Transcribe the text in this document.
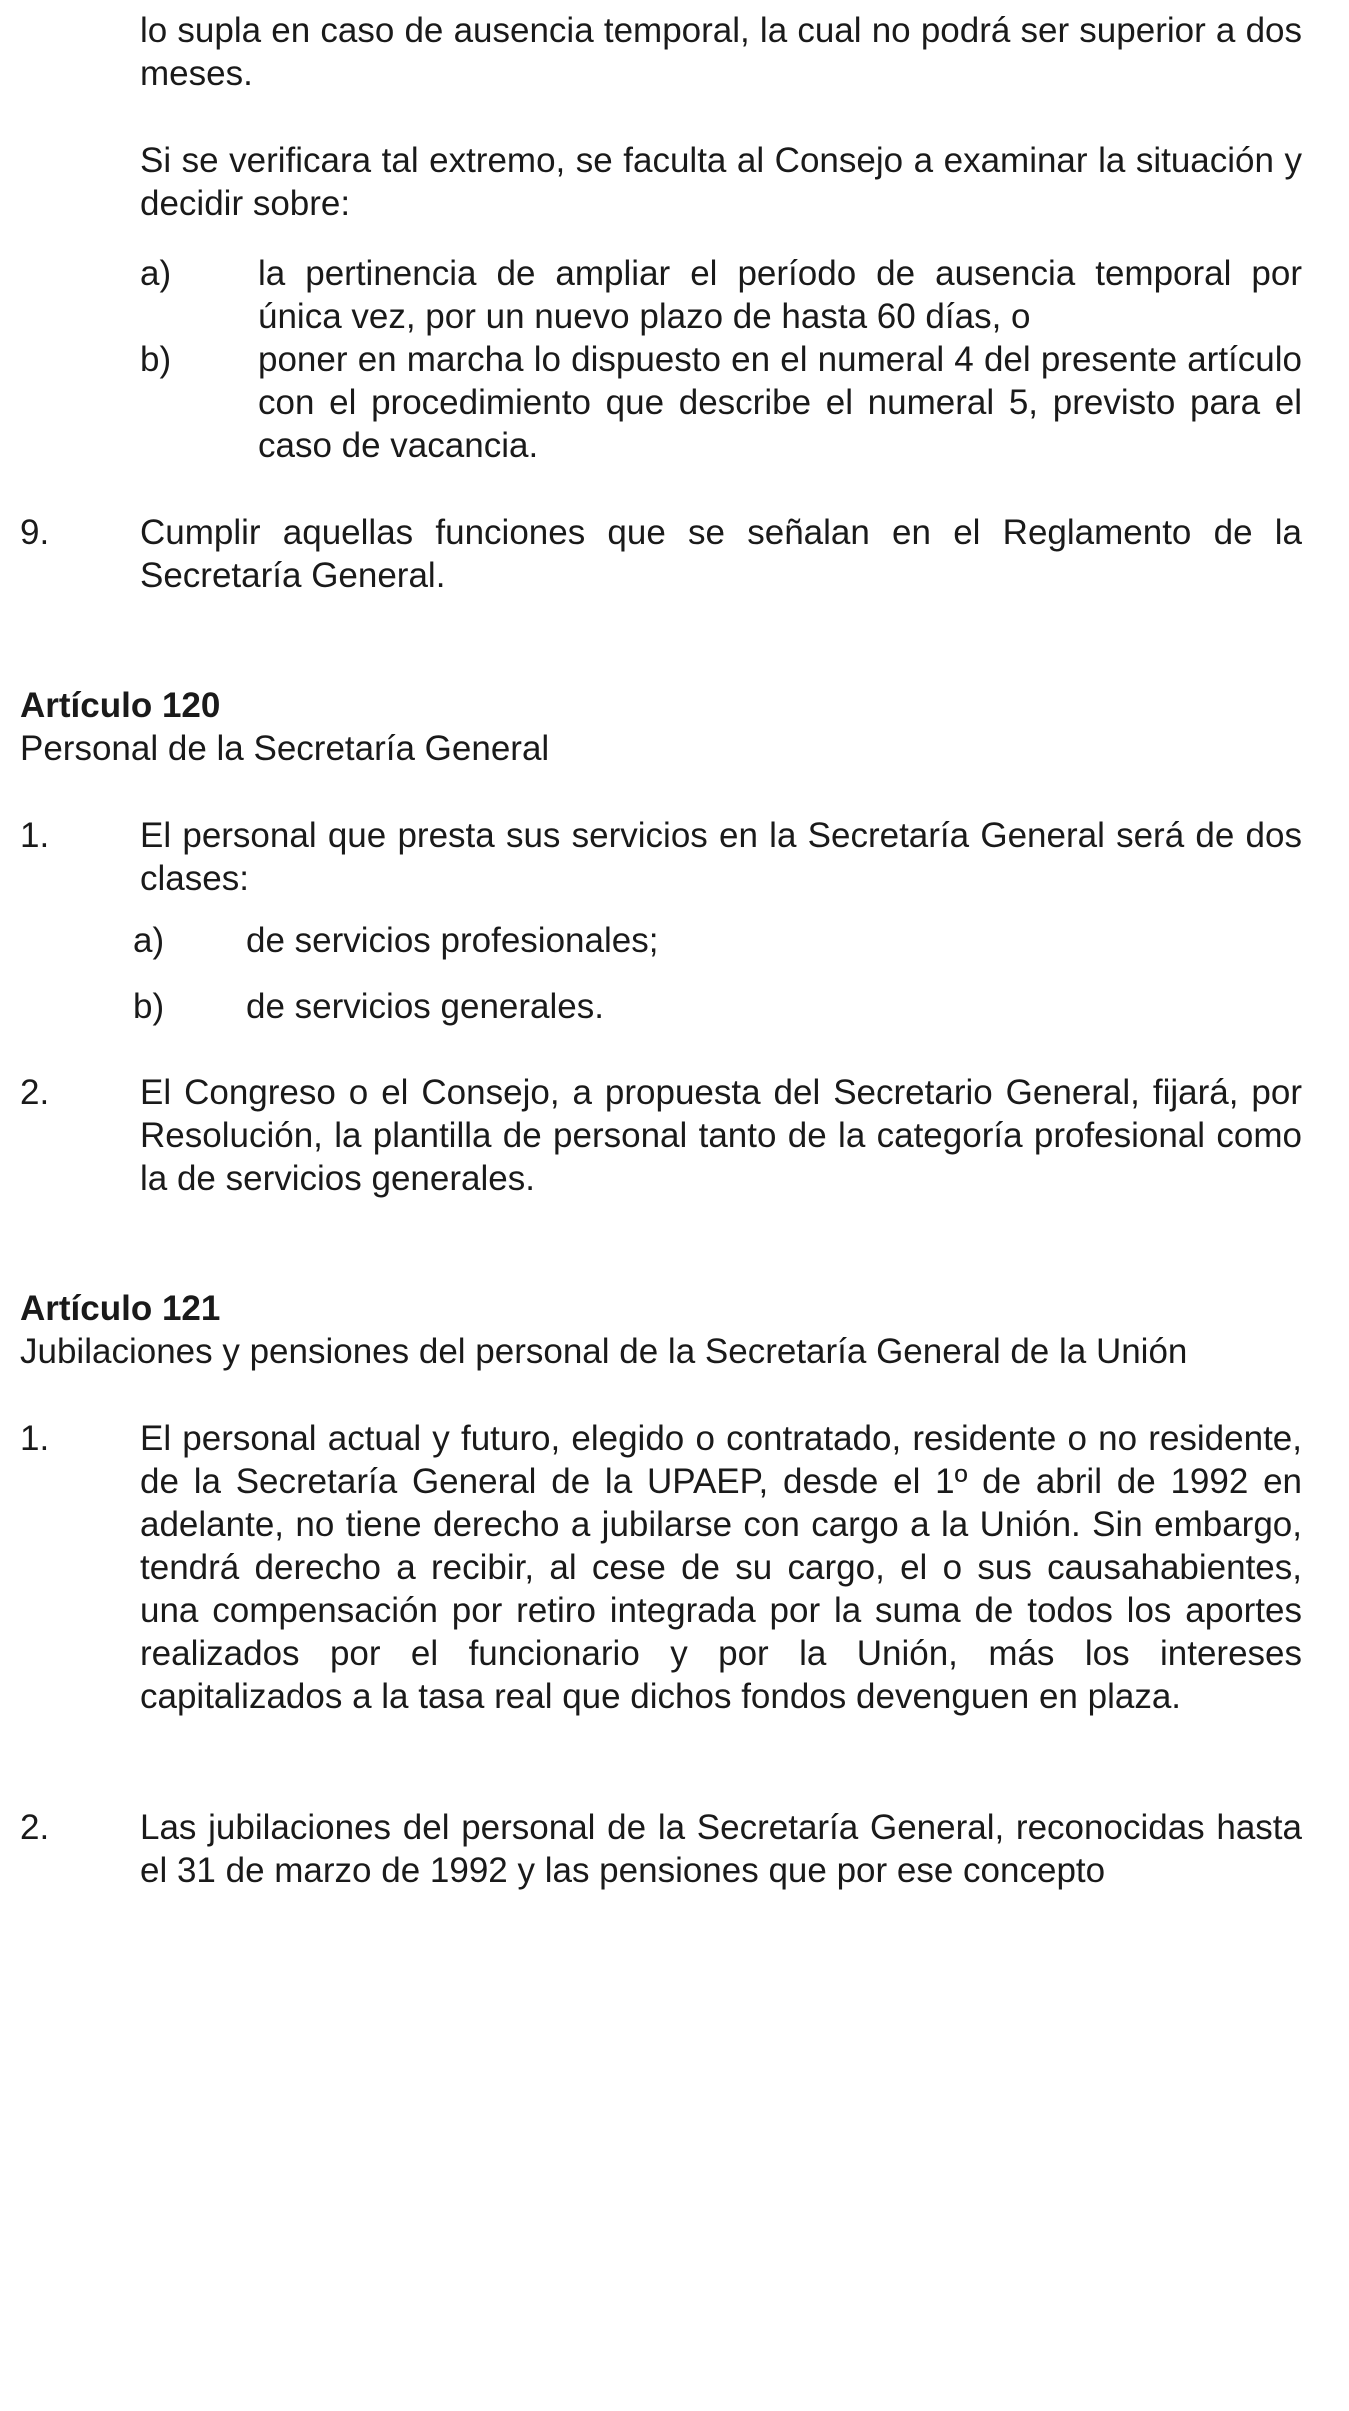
lo supla en caso de ausencia temporal, la cual no podrá ser superior a dos meses.

Si se verificara tal extremo, se faculta al Consejo a examinar la situación y decidir sobre:

a) la pertinencia de ampliar el período de ausencia temporal por única vez, por un nuevo plazo de hasta 60 días, o

b) poner en marcha lo dispuesto en el numeral 4 del presente artículo con el procedimiento que describe el numeral 5, previsto para el caso de vacancia.

9.	Cumplir aquellas funciones que se señalan en el Reglamento de la Secretaría General.

Artículo 120

Personal de la Secretaría General

1.	El personal que presta sus servicios en la Secretaría General será de dos clases:

a) de servicios profesionales;

b) de servicios generales.

2.	El Congreso o el Consejo, a propuesta del Secretario General, fijará, por Resolución, la plantilla de personal tanto de la categoría profesional como la de servicios generales.

Artículo 121

Jubilaciones y pensiones del personal de la Secretaría General de la Unión

1.	El personal actual y futuro, elegido o contratado, residente o no residente, de la Secretaría General de la UPAEP, desde el 1º de abril de 1992 en adelante, no tiene derecho a jubilarse con cargo a la Unión. Sin embargo, tendrá derecho a recibir, al cese de su cargo, el o sus causahabientes, una compensación por retiro integrada por la suma de todos los aportes realizados por el funcionario y por la Unión, más los intereses capitalizados a la tasa real que dichos fondos devenguen en plaza.

2.	Las jubilaciones del personal de la Secretaría General, reconocidas hasta el 31 de marzo de 1992 y las pensiones que por ese concepto
